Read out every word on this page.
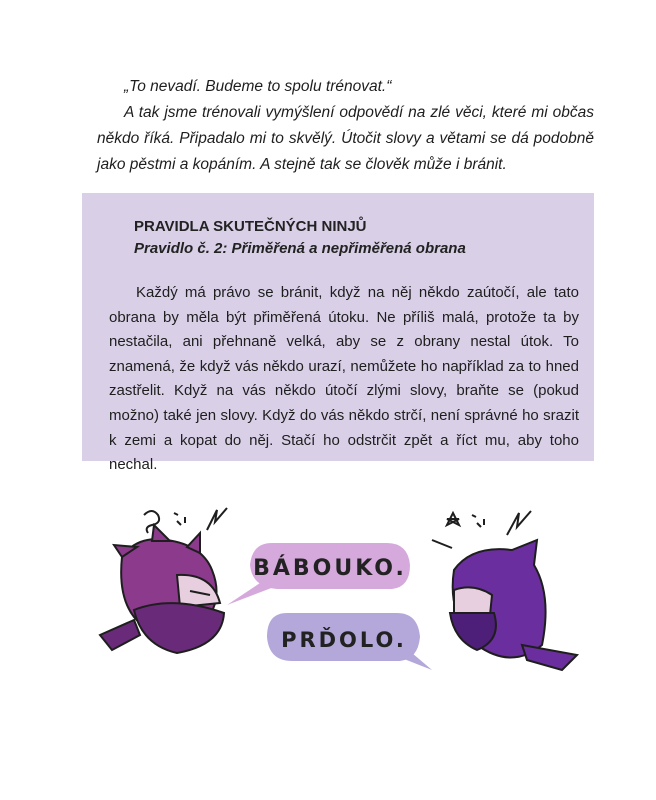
„To nevadí. Budeme to spolu trénovat.“

A tak jsme trénovali vymýšlení odpovědí na zlé věci, které mi občas někdo říká. Připadalo mi to skvělý. Útočit slovy a větami se dá podobně jako pěstmi a kopáním. A stejně tak se člověk může i bránit.

PRAVIDLA SKUTEČNÝCH NINJŮ
Pravidlo č. 2: Přiměřená a nepřiměřená obrana

Každý má právo se bránit, když na něj někdo zaútočí, ale tato obrana by měla být přiměřená útoku. Ne příliš malá, protože ta by nestačila, ani přehnaně velká, aby se z obrany nestal útok. To znamená, že když vás někdo urazí, nemůžete ho například za to hned zastřelit. Když na vás někdo útočí zlými slovy, braňte se (pokud možno) také jen slovy. Když do vás někdo strčí, není správné ho srazit k zemi a kopat do něj. Stačí ho odstrčit zpět a říct mu, aby toho nechal.

BÁBOUKO.
PRĎOLO.
